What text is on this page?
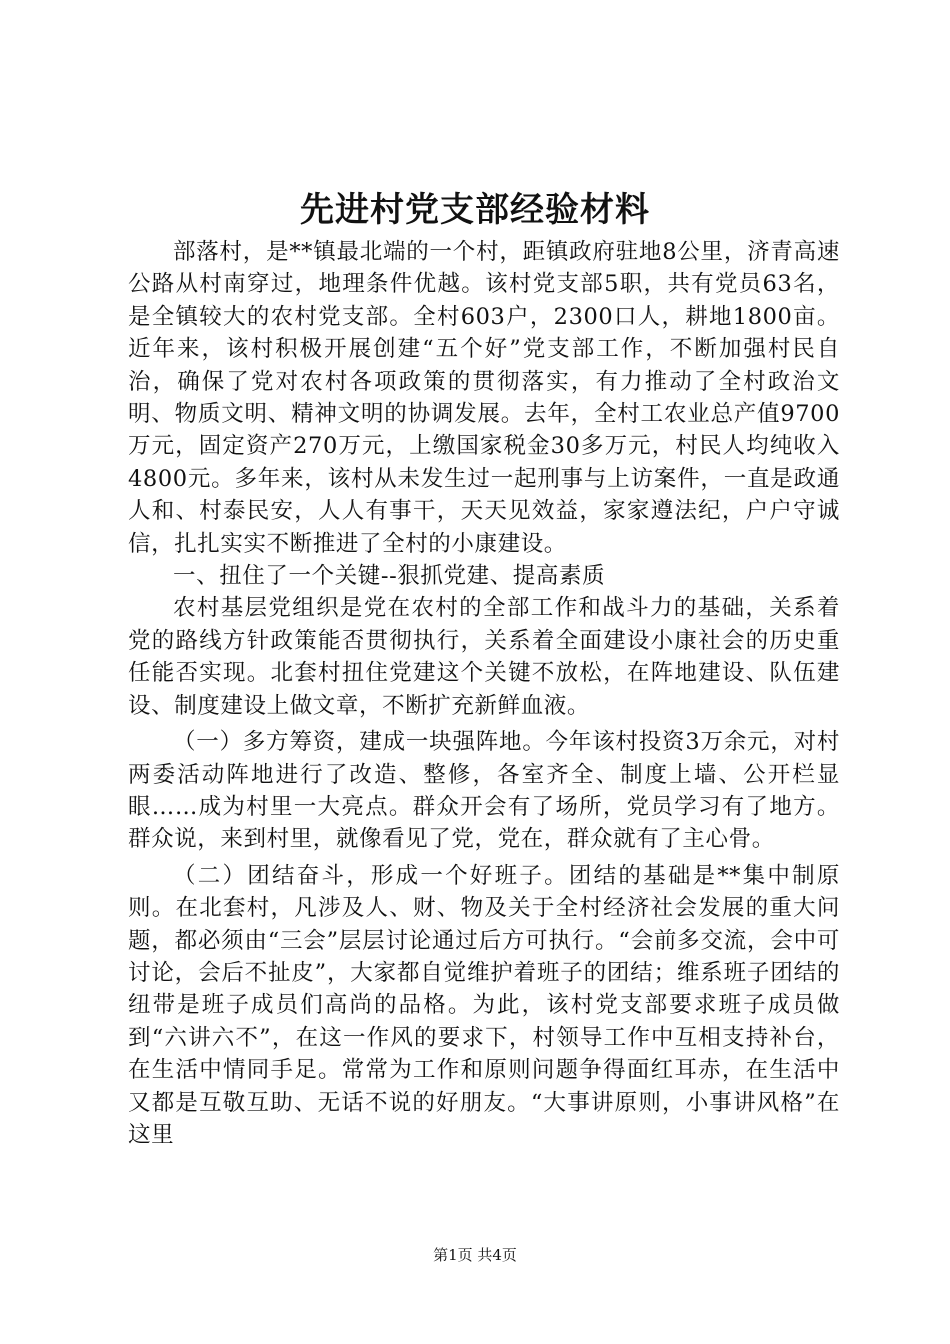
先进村党支部经验材料

部落村，是**镇最北端的一个村，距镇政府驻地8公里，济青高速公路从村南穿过，地理条件优越。该村党支部5职，共有党员63名，是全镇较大的农村党支部。全村603户，2300口人，耕地1800亩。近年来，该村积极开展创建“五个好”党支部工作，不断加强村民自治，确保了党对农村各项政策的贯彻落实，有力推动了全村政治文明、物质文明、精神文明的协调发展。去年，全村工农业总产值9700万元，固定资产270万元，上缴国家税金30多万元，村民人均纯收入4800元。多年来，该村从未发生过一起刑事与上访案件，一直是政通人和、村泰民安，人人有事干，天天见效益，家家遵法纪，户户守诚信，扎扎实实不断推进了全村的小康建设。

一、扭住了一个关键--狠抓党建、提高素质

农村基层党组织是党在农村的全部工作和战斗力的基础，关系着党的路线方针政策能否贯彻执行，关系着全面建设小康社会的历史重任能否实现。北套村扭住党建这个关键不放松，在阵地建设、队伍建设、制度建设上做文章，不断扩充新鲜血液。

（一）多方筹资，建成一块强阵地。今年该村投资3万余元，对村两委活动阵地进行了改造、整修，各室齐全、制度上墙、公开栏显眼……成为村里一大亮点。群众开会有了场所，党员学习有了地方。群众说，来到村里，就像看见了党，党在，群众就有了主心骨。

（二）团结奋斗，形成一个好班子。团结的基础是**集中制原则。在北套村，凡涉及人、财、物及关于全村经济社会发展的重大问题，都必须由“三会”层层讨论通过后方可执行。“会前多交流，会中可讨论，会后不扯皮”，大家都自觉维护着班子的团结；维系班子团结的纽带是班子成员们高尚的品格。为此，该村党支部要求班子成员做到“六讲六不”，在这一作风的要求下，村领导工作中互相支持补台，在生活中情同手足。常常为工作和原则问题争得面红耳赤，在生活中又都是互敬互助、无话不说的好朋友。“大事讲原则，小事讲风格”在这里

第1页 共4页
